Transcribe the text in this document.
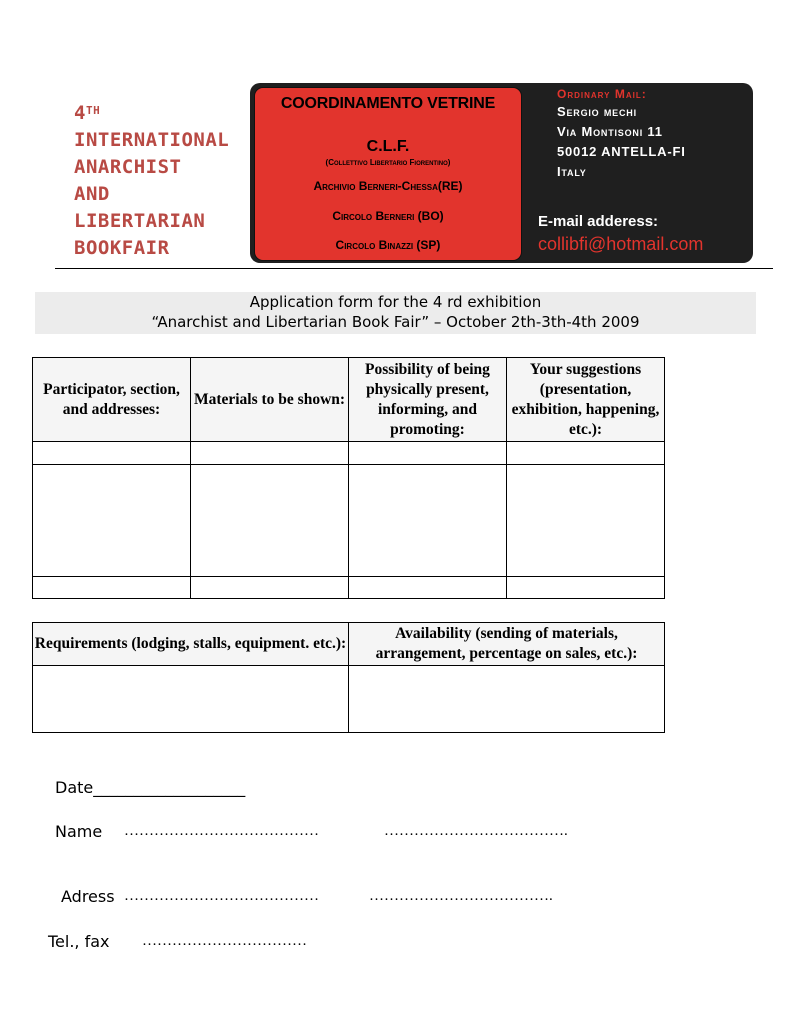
4TH
INTERNATIONAL
ANARCHIST
AND
LIBERTARIAN
BOOKFAIR
COORDINAMENTO VETRINE
C.L.F.
(Collettivo Libertario Fiorentino)
Archivio Berneri-Chessa(RE)
Circolo Berneri (BO)
Circolo Binazzi (SP)
Ordinary Mail:
Sergio mechi
Via Montisoni 11
50012 ANTELLA-FI
Italy
E-mail adderess:
collibfi@hotmail.com
Application form for the 4 rd exhibition
“Anarchist and Libertarian Book Fair” – October 2th-3th-4th 2009
Participator, section, and addresses:	Materials to be shown:	Possibility of being physically present, informing, and promoting:	Your suggestions (presentation, exhibition, happening, etc.):

Requirements (lodging, stalls, equipment. etc.):	Availability (sending of materials, arrangement, percentage on sales, etc.):

Date___________________
Name …………………………………	……………………………….
Adress …………………………………	……………………………….
Tel., fax ……………………………
